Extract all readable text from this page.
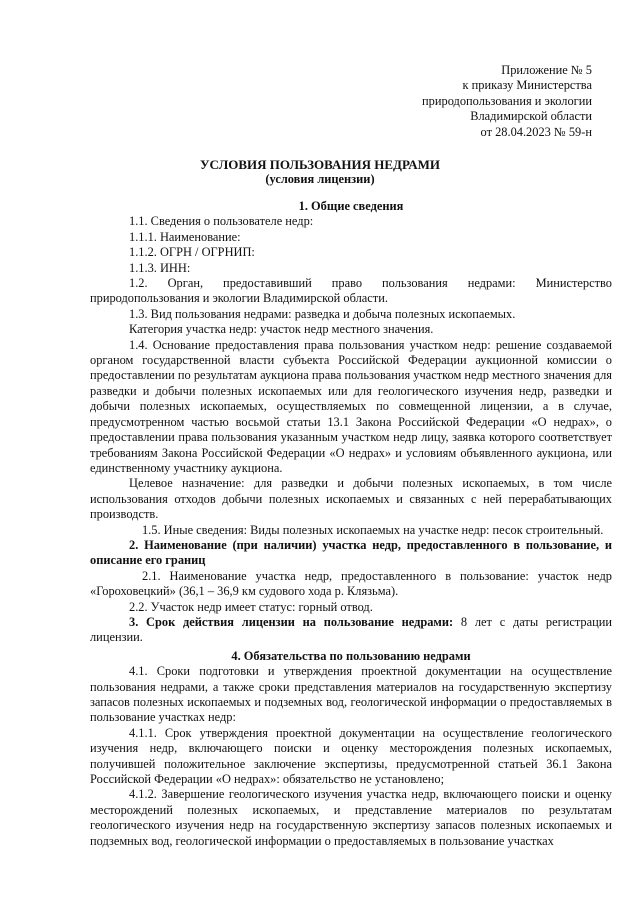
Приложение № 5
к приказу Министерства
природопользования и экологии
Владимирской области
от 28.04.2023 № 59-н
УСЛОВИЯ ПОЛЬЗОВАНИЯ НЕДРАМИ
(условия лицензии)

1. Общие сведения

1.1. Сведения о пользователе недр:

1.1.1. Наименование:

1.1.2. ОГРН / ОГРНИП:

1.1.3. ИНН:

1.2. Орган, предоставивший право пользования недрами: Министерство природопользования и экологии Владимирской области.

1.3. Вид пользования недрами: разведка и добыча полезных ископаемых.

Категория участка недр: участок недр местного значения.

1.4. Основание предоставления права пользования участком недр: решение создаваемой органом государственной власти субъекта Российской Федерации аукционной комиссии о предоставлении по результатам аукциона права пользования участком недр местного значения для разведки и добычи полезных ископаемых или для геологического изучения недр, разведки и добычи полезных ископаемых, осуществляемых по совмещенной лицензии, а в случае, предусмотренном частью восьмой статьи 13.1 Закона Российской Федерации «О недрах», о предоставлении права пользования указанным участком недр лицу, заявка которого соответствует требованиям Закона Российской Федерации «О недрах» и условиям объявленного аукциона, или единственному участнику аукциона.

Целевое назначение: для разведки и добычи полезных ископаемых, в том числе использования отходов добычи полезных ископаемых и связанных с ней перерабатывающих производств.

1.5. Иные сведения: Виды полезных ископаемых на участке недр: песок строительный.

2. Наименование (при наличии) участка недр, предоставленного в пользование, и описание его границ

2.1. Наименование участка недр, предоставленного в пользование: участок недр «Гороховецкий» (36,1 – 36,9 км судового хода р. Клязьма).

2.2. Участок недр имеет статус: горный отвод.

3. Срок действия лицензии на пользование недрами: 8 лет с даты регистрации лицензии.

4. Обязательства по пользованию недрами

4.1. Сроки подготовки и утверждения проектной документации на осуществление пользования недрами, а также сроки представления материалов на государственную экспертизу запасов полезных ископаемых и подземных вод, геологической информации о предоставляемых в пользование участках недр:

4.1.1. Срок утверждения проектной документации на осуществление геологического изучения недр, включающего поиски и оценку месторождения полезных ископаемых, получившей положительное заключение экспертизы, предусмотренной статьей 36.1 Закона Российской Федерации «О недрах»: обязательство не установлено;

4.1.2. Завершение геологического изучения участка недр, включающего поиски и оценку месторождений полезных ископаемых, и представление материалов по результатам геологического изучения недр на государственную экспертизу запасов полезных ископаемых и подземных вод, геологической информации о предоставляемых в пользование участках
